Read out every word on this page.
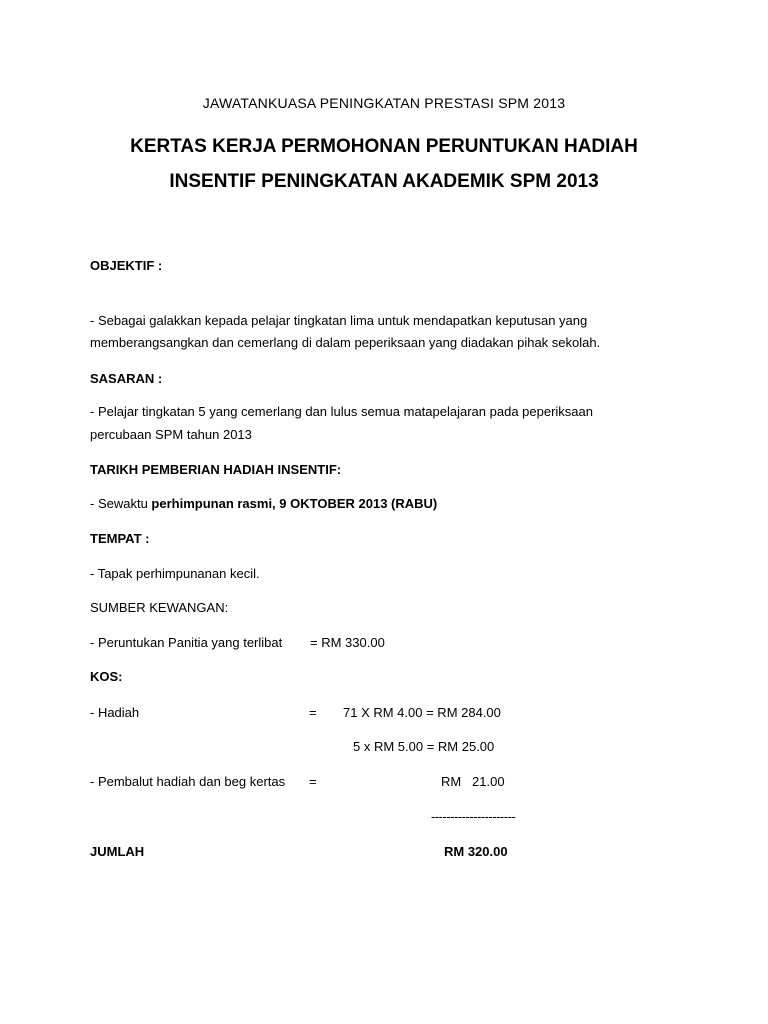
JAWATANKUASA PENINGKATAN PRESTASI SPM 2013
KERTAS KERJA PERMOHONAN PERUNTUKAN HADIAH
INSENTIF PENINGKATAN AKADEMIK SPM 2013
OBJEKTIF :
- Sebagai galakkan kepada pelajar tingkatan lima untuk mendapatkan keputusan yang
memberangsangkan dan cemerlang di dalam peperiksaan yang diadakan pihak sekolah.
SASARAN :
- Pelajar tingkatan 5 yang cemerlang dan lulus semua matapelajaran pada peperiksaan
percubaan SPM tahun 2013
TARIKH PEMBERIAN HADIAH INSENTIF:
- Sewaktu perhimpunan rasmi, 9 OKTOBER 2013 (RABU)
TEMPAT :
- Tapak perhimpunanan kecil.
SUMBER KEWANGAN:
- Peruntukan Panitia yang terlibat = RM 330.00
KOS:
- Hadiah	= 71 X RM 4.00 = RM 284.00
5 x RM 5.00 = RM 25.00
- Pembalut hadiah dan beg kertas =	RM   21.00
----------------------
JUMLAH	RM 320.00
